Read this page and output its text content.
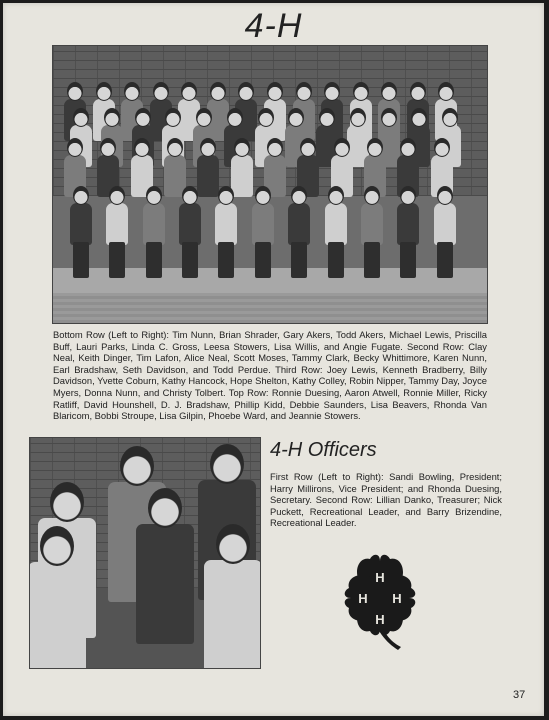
4-H
Bottom Row (Left to Right): Tim Nunn, Brian Shrader, Gary Akers, Todd Akers, Michael Lewis, Priscilla Buff, Lauri Parks, Linda C. Gross, Leesa Stowers, Lisa Willis, and Angie Fugate. Second Row: Clay Neal, Keith Dinger, Tim Lafon, Alice Neal, Scott Moses, Tammy Clark, Becky Whittimore, Karen Nunn, Earl Bradshaw, Seth Davidson, and Todd Perdue. Third Row: Joey Lewis, Kenneth Bradberry, Billy Davidson, Yvette Coburn, Kathy Hancock, Hope Shelton, Kathy Colley, Robin Nipper, Tammy Day, Joyce Myers, Donna Nunn, and Christy Tolbert. Top Row: Ronnie Duesing, Aaron Atwell, Ronnie Miller, Ricky Ratliff, David Hounshell, D. J. Bradshaw, Phillip Kidd, Debbie Saunders, Lisa Beavers, Rhonda Van Blaricom, Bobbi Stroupe, Lisa Gilpin, Phoebe Ward, and Jeannie Stowers.
4-H Officers
First Row (Left to Right): Sandi Bowling, President; Harry Millirons, Vice President; and Rhonda Duesing, Secretary. Second Row: Lillian Danko, Treasurer; Nick Puckett, Recreational Leader, and Barry Brizendine, Recreational Leader.
H
H
H
H
37
